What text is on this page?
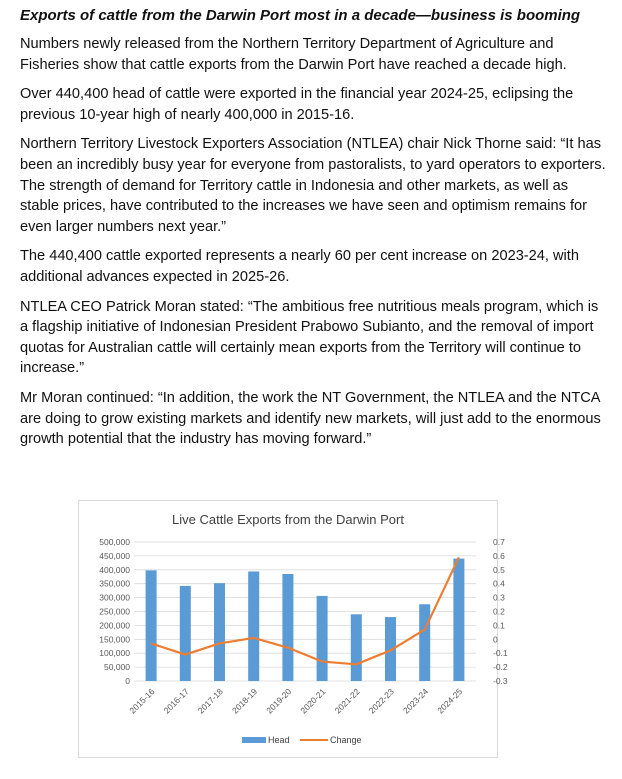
Exports of cattle from the Darwin Port most in a decade—business is booming

Numbers newly released from the Northern Territory Department of Agriculture and Fisheries show that cattle exports from the Darwin Port have reached a decade high.

Over 440,400 head of cattle were exported in the financial year 2024-25, eclipsing the previous 10-year high of nearly 400,000 in 2015-16.

Northern Territory Livestock Exporters Association (NTLEA) chair Nick Thorne said: “It has been an incredibly busy year for everyone from pastoralists, to yard operators to exporters. The strength of demand for Territory cattle in Indonesia and other markets, as well as stable prices, have contributed to the increases we have seen and optimism remains for even larger numbers next year.”

The 440,400 cattle exported represents a nearly 60 per cent increase on 2023-24, with additional advances expected in 2025-26.

NTLEA CEO Patrick Moran stated: “The ambitious free nutritious meals program, which is a flagship initiative of Indonesian President Prabowo Subianto, and the removal of import quotas for Australian cattle will certainly mean exports from the Territory will continue to increase.”

Mr Moran continued: “In addition, the work the NT Government, the NTLEA and the NTCA are doing to grow existing markets and identify new markets, will just add to the enormous growth potential that the industry has moving forward.”

Live Cattle Exports from the Darwin Port
500,000
450,000
400,000
350,000
300,000
250,000
200,000
150,000
100,000
50,000
0
0.7
0.6
0.5
0.4
0.3
0.2
0.1
0
-0.1
-0.2
-0.3
2015-16 2016-17 2017-18 2018-19 2019-20 2020-21 2021-22 2022-23 2023-24 2024-25
Head	Change
